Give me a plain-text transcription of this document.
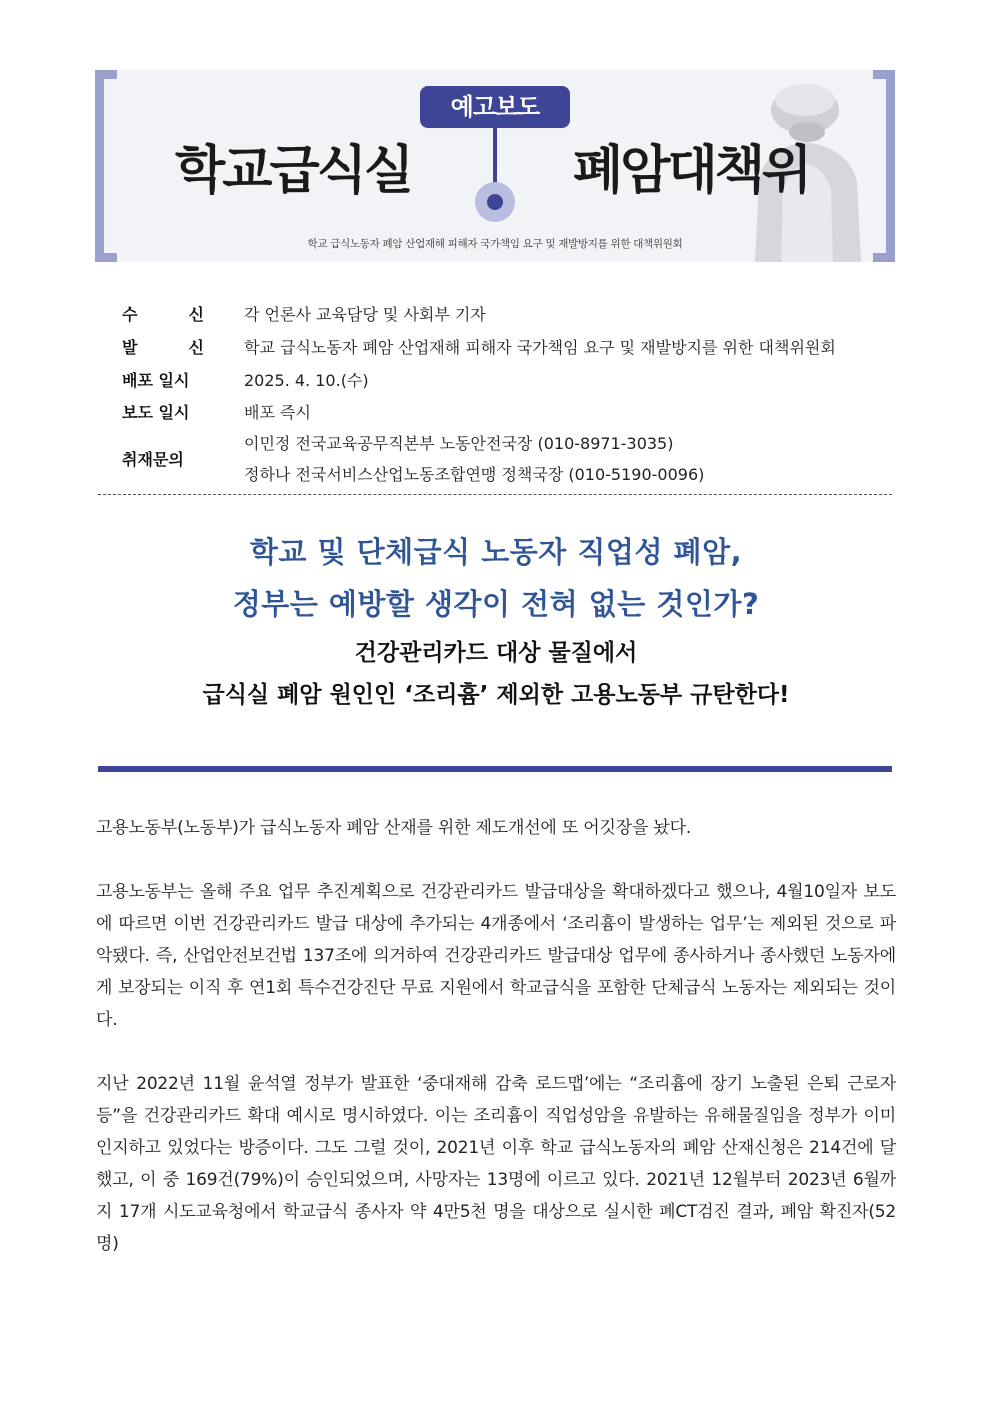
학교급식실	폐암대책위
예고보도
학교 급식노동자 폐암 산업재해 피해자 국가책임 요구 및 재발방지를 위한 대책위원회
수	신	각 언론사 교육담당 및 사회부 기자
발	신	학교 급식노동자 폐암 산업재해 피해자 국가책임 요구 및 재발방지를 위한 대책위원회
배포 일시	2025. 4. 10.(수)
보도 일시	배포 즉시
취재문의
이민정 전국교육공무직본부 노동안전국장 (010-8971-3035)
정하나 전국서비스산업노동조합연맹 정책국장 (010-5190-0096)
학교 및 단체급식 노동자 직업성 폐암,
정부는 예방할 생각이 전혀 없는 것인가?
건강관리카드 대상 물질에서
급식실 폐암 원인인 ‘조리흄’ 제외한 고용노동부 규탄한다!
고용노동부(노동부)가 급식노동자 폐암 산재를 위한 제도개선에 또 어깃장을 놨다.
고용노동부는 올해 주요 업무 추진계획으로 건강관리카드 발급대상을 확대하겠다고 했으나, 4월10일자 보도에 따르면 이번 건강관리카드 발급 대상에 추가되는 4개종에서 ‘조리흄이 발생하는 업무’는 제외된 것으로 파악됐다. 즉, 산업안전보건법 137조에 의거하여 건강관리카드 발급대상 업무에 종사하거나 종사했던 노동자에게 보장되는 이직 후 연1회 특수건강진단 무료 지원에서 학교급식을 포함한 단체급식 노동자는 제외되는 것이다.
지난 2022년 11월 윤석열 정부가 발표한 ‘중대재해 감축 로드맵’에는 “조리흄에 장기 노출된 은퇴 근로자 등”을 건강관리카드 확대 예시로 명시하였다. 이는 조리흄이 직업성암을 유발하는 유해물질임을 정부가 이미 인지하고 있었다는 방증이다. 그도 그럴 것이, 2021년 이후 학교 급식노동자의 폐암 산재신청은 214건에 달했고, 이 중 169건(79%)이 승인되었으며, 사망자는 13명에 이르고 있다. 2021년 12월부터 2023년 6월까지 17개 시도교육청에서 학교급식 종사자 약 4만5천 명을 대상으로 실시한 폐CT검진 결과, 폐암 확진자(52명)
